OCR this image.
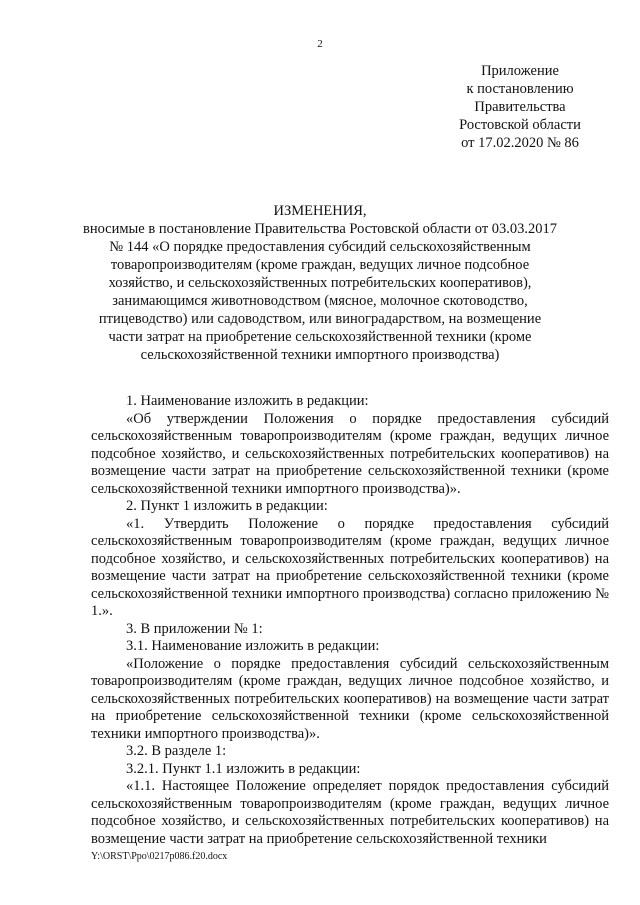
2
Приложение
к постановлению
Правительства
Ростовской области
от 17.02.2020 № 86
ИЗМЕНЕНИЯ,
вносимые в постановление Правительства Ростовской области от 03.03.2017 № 144 «О порядке предоставления субсидий сельскохозяйственным товаропроизводителям (кроме граждан, ведущих личное подсобное хозяйство, и сельскохозяйственных потребительских кооперативов), занимающимся животноводством (мясное, молочное скотоводство, птицеводство) или садоводством, или виноградарством, на возмещение части затрат на приобретение сельскохозяйственной техники (кроме сельскохозяйственной техники импортного производства)

1. Наименование изложить в редакции:

«Об утверждении Положения о порядке предоставления субсидий сельскохозяйственным товаропроизводителям (кроме граждан, ведущих личное подсобное хозяйство, и сельскохозяйственных потребительских кооперативов) на возмещение части затрат на приобретение сельскохозяйственной техники (кроме сельскохозяйственной техники импортного производства)».

2. Пункт 1 изложить в редакции:

«1. Утвердить Положение о порядке предоставления субсидий сельскохозяйственным товаропроизводителям (кроме граждан, ведущих личное подсобное хозяйство, и сельскохозяйственных потребительских кооперативов) на возмещение части затрат на приобретение сельскохозяйственной техники (кроме сельскохозяйственной техники импортного производства) согласно приложению № 1.».

3. В приложении № 1:

3.1. Наименование изложить в редакции:

«Положение о порядке предоставления субсидий сельскохозяйственным товаропроизводителям (кроме граждан, ведущих личное подсобное хозяйство, и сельскохозяйственных потребительских кооперативов) на возмещение части затрат на приобретение сельскохозяйственной техники (кроме сельскохозяйственной техники импортного производства)».

3.2. В разделе 1:

3.2.1. Пункт 1.1 изложить в редакции:

«1.1. Настоящее Положение определяет порядок предоставления субсидий сельскохозяйственным товаропроизводителям (кроме граждан, ведущих личное подсобное хозяйство, и сельскохозяйственных потребительских кооперативов) на возмещение части затрат на приобретение сельскохозяйственной техники

Y:\ORST\Ppo\0217p086.f20.docx
